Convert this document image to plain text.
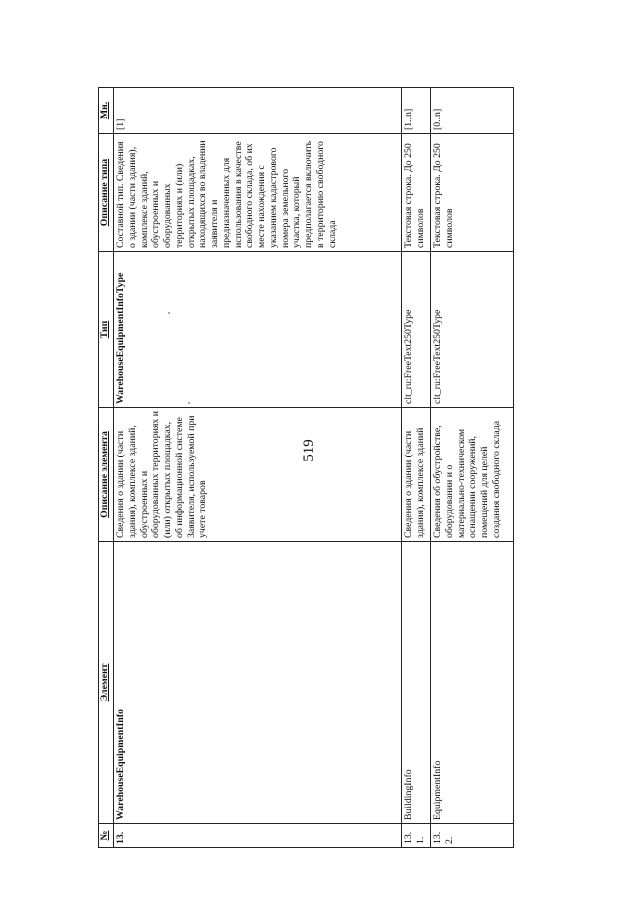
519
№	Элемент	Описание элемента	Тип	Описание типа	Мн.
13.	WarehouseEquipmentInfo	Сведения о здании (части здания), комплексе зданий, обустроенных и оборудованных территориях и (или) открытых площадках, об информационной системе Заявителя, используемой при учете товаров	WarehouseEquipmentInfoType	Составной тип. Сведения о здании (части здания), комплексе зданий, обустроенных и оборудованных территориях и (или) открытых площадках, находящихся во владении заявителя и предназначенных для использования в качестве свободного склада, об их месте нахождения с указанием кадастрового номера земельного участка, который предполагается включить в территорию свободного склада	[1]
13.1.	BuildingInfo	Сведения о здании (части здания), комплексе зданий	clt_ru:FreeText250Type	Текстовая строка. До 250 символов	[1..n]
13.2.	EquipmentInfo	Сведения об обустройстве, оборудовании и о материально-техническом оснащении сооружений, помещений для целей создания свободного склада	clt_ru:FreeText250Type	Текстовая строка. До 250 символов	[0..n]
